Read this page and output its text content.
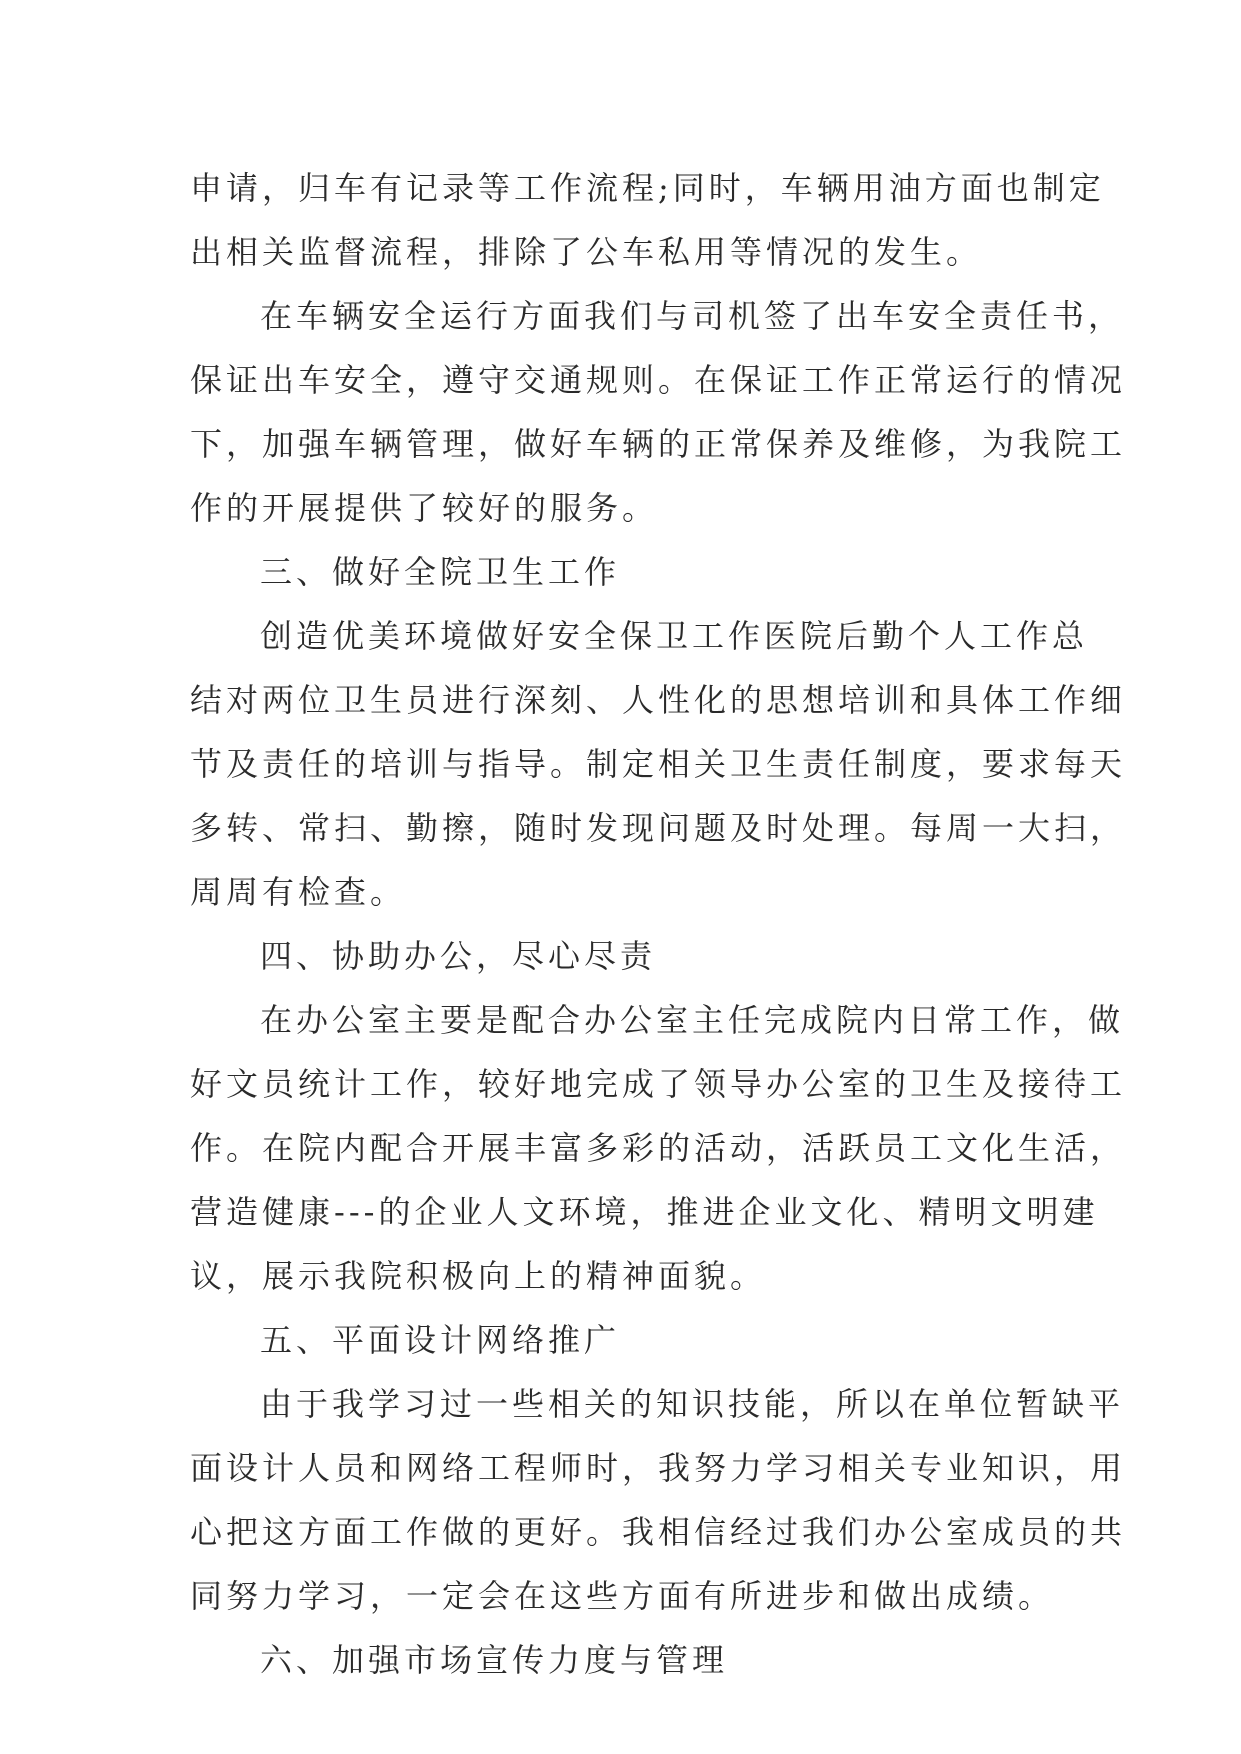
申请，归车有记录等工作流程;同时，车辆用油方面也制定
出相关监督流程，排除了公车私用等情况的发生。
在车辆安全运行方面我们与司机签了出车安全责任书，
保证出车安全，遵守交通规则。在保证工作正常运行的情况
下，加强车辆管理，做好车辆的正常保养及维修，为我院工
作的开展提供了较好的服务。
三、做好全院卫生工作
创造优美环境做好安全保卫工作医院后勤个人工作总
结对两位卫生员进行深刻、人性化的思想培训和具体工作细
节及责任的培训与指导。制定相关卫生责任制度，要求每天
多转、常扫、勤擦，随时发现问题及时处理。每周一大扫，
周周有检查。
四、协助办公，尽心尽责
在办公室主要是配合办公室主任完成院内日常工作，做
好文员统计工作，较好地完成了领导办公室的卫生及接待工
作。在院内配合开展丰富多彩的活动，活跃员工文化生活，
营造健康---的企业人文环境，推进企业文化、精明文明建
议，展示我院积极向上的精神面貌。
五、平面设计网络推广
由于我学习过一些相关的知识技能，所以在单位暂缺平
面设计人员和网络工程师时，我努力学习相关专业知识，用
心把这方面工作做的更好。我相信经过我们办公室成员的共
同努力学习，一定会在这些方面有所进步和做出成绩。
六、加强市场宣传力度与管理
